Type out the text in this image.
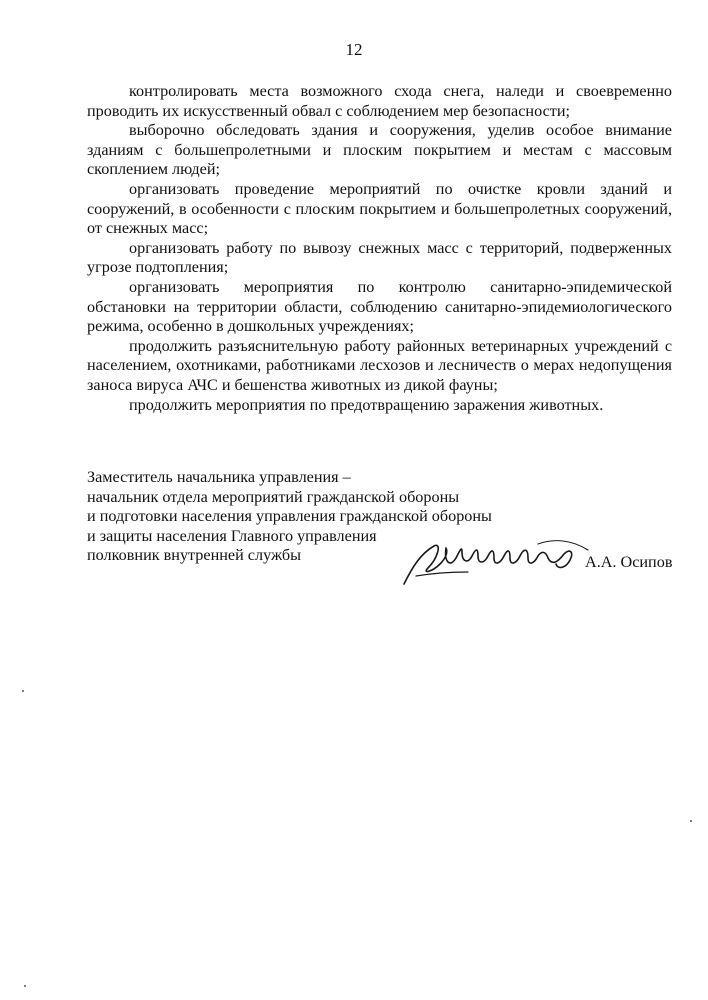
12

контролировать места возможного схода снега, наледи и своевременно проводить их искусственный обвал с соблюдением мер безопасности;

выборочно обследовать здания и сооружения, уделив особое внимание зданиям с большепролетными и плоским покрытием и местам с массовым скоплением людей;

организовать проведение мероприятий по очистке кровли зданий и сооружений, в особенности с плоским покрытием и большепролетных сооружений, от снежных масс;

организовать работу по вывозу снежных масс с территорий, подверженных угрозе подтопления;

организовать мероприятия по контролю санитарно-эпидемической обстановки на территории области, соблюдению санитарно-эпидемиологического режима, особенно в дошкольных учреждениях;

продолжить разъяснительную работу районных ветеринарных учреждений с населением, охотниками, работниками лесхозов и лесничеств о мерах недопущения заноса вируса АЧС и бешенства животных из дикой фауны;

продолжить мероприятия по предотвращению заражения животных.

Заместитель начальника управления –
начальник отдела мероприятий гражданской обороны
и подготовки населения управления гражданской обороны
и защиты населения Главного управления
полковник внутренней службы	А.А. Осипов
